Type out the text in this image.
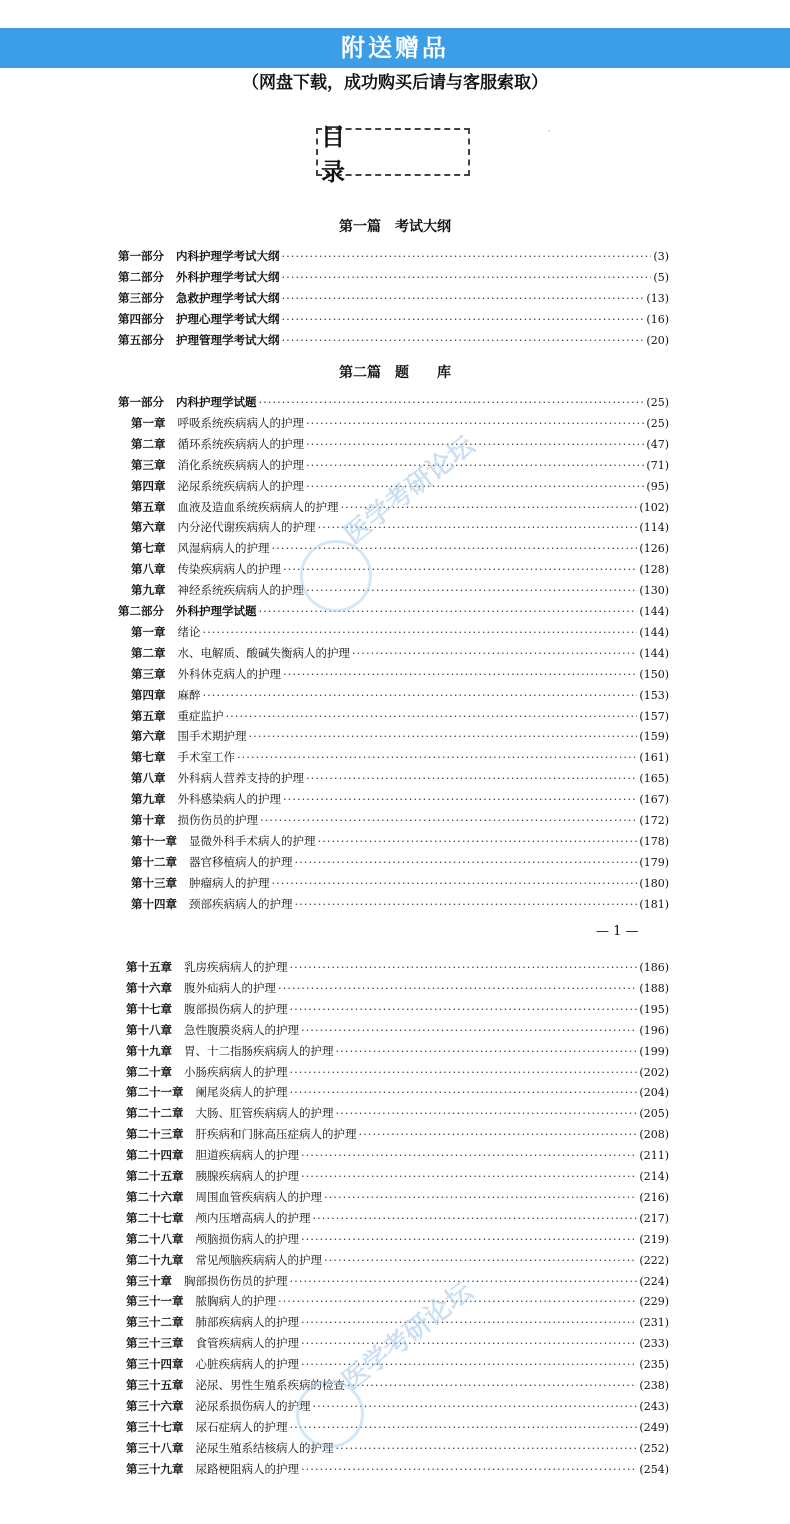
附送赠品
（网盘下载，成功购买后请与客服索取）
目　　录
·
第一篇　考试大纲
第一部分	内科护理学考试大纲 ·····	(3)
第二部分	外科护理学考试大纲 ·····	(5)
第三部分	急救护理学考试大纲 ·····	(13)
第四部分	护理心理学考试大纲 ·····	(16)
第五部分	护理管理学考试大纲 ·····	(20)
第二篇　题　　库
第一部分	内科护理学试题 ·····	(25)
第一章	呼吸系统疾病病人的护理 ·····	(25)
第二章	循环系统疾病病人的护理 ·····	(47)
第三章	消化系统疾病病人的护理 ·····	(71)
第四章	泌尿系统疾病病人的护理 ·····	(95)
第五章	血液及造血系统疾病病人的护理 ·····	(102)
第六章	内分泌代谢疾病病人的护理 ·····	(114)
第七章	风湿病病人的护理 ·····	(126)
第八章	传染疾病病人的护理 ·····	(128)
第九章	神经系统疾病病人的护理 ·····	(130)
第二部分	外科护理学试题 ·····	(144)
第一章	绪论 ·····	(144)
第二章	水、电解质、酸碱失衡病人的护理 ·····	(144)
第三章	外科休克病人的护理 ·····	(150)
第四章	麻醉 ·····	(153)
第五章	重症监护 ·····	(157)
第六章	围手术期护理 ·····	(159)
第七章	手术室工作 ·····	(161)
第八章	外科病人营养支持的护理 ·····	(165)
第九章	外科感染病人的护理 ·····	(167)
第十章	损伤伤员的护理 ·····	(172)
第十一章	显微外科手术病人的护理 ·····	(178)
第十二章	器官移植病人的护理 ·····	(179)
第十三章	肿瘤病人的护理 ·····	(180)
第十四章	颈部疾病病人的护理 ·····	(181)
— 1 —
第十五章	乳房疾病病人的护理 ·····	(186)
第十六章	腹外疝病人的护理 ·····	(188)
第十七章	腹部损伤病人的护理 ·····	(195)
第十八章	急性腹膜炎病人的护理 ·····	(196)
第十九章	胃、十二指肠疾病病人的护理 ·····	(199)
第二十章	小肠疾病病人的护理 ·····	(202)
第二十一章	阑尾炎病人的护理 ·····	(204)
第二十二章	大肠、肛管疾病病人的护理 ·····	(205)
第二十三章	肝疾病和门脉高压症病人的护理 ·····	(208)
第二十四章	胆道疾病病人的护理 ·····	(211)
第二十五章	胰腺疾病病人的护理 ·····	(214)
第二十六章	周围血管疾病病人的护理 ·····	(216)
第二十七章	颅内压增高病人的护理 ·····	(217)
第二十八章	颅脑损伤病人的护理 ·····	(219)
第二十九章	常见颅脑疾病病人的护理 ·····	(222)
第三十章	胸部损伤伤员的护理 ·····	(224)
第三十一章	脓胸病人的护理 ·····	(229)
第三十二章	肺部疾病病人的护理 ·····	(231)
第三十三章	食管疾病病人的护理 ·····	(233)
第三十四章	心脏疾病病人的护理 ·····	(235)
第三十五章	泌尿、男性生殖系疾病的检查 ·····	(238)
第三十六章	泌尿系损伤病人的护理 ·····	(243)
第三十七章	尿石症病人的护理 ·····	(249)
第三十八章	泌尿生殖系结核病人的护理 ·····	(252)
第三十九章	尿路梗阻病人的护理 ·····	(254)
医学考研论坛
医学考研论坛
